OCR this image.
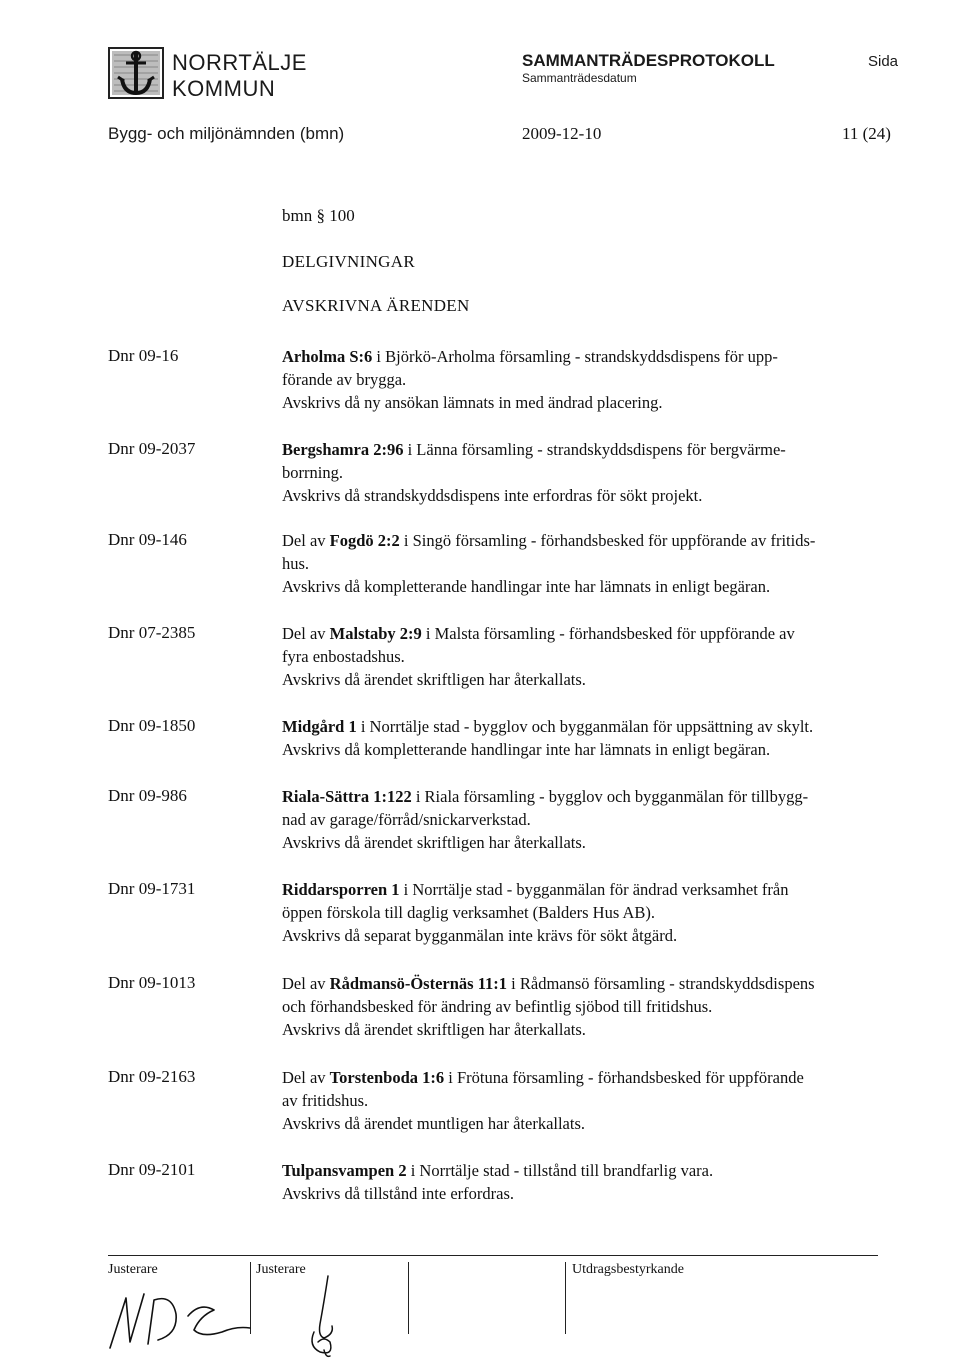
NORRTÄLJE
KOMMUN
SAMMANTRÄDESPROTOKOLL
Sammanträdesdatum
Sida
Bygg- och miljönämnden (bmn)	2009-12-10	11 (24)
bmn § 100
DELGIVNINGAR
AVSKRIVNA ÄRENDEN
Dnr 09-16	Arholma S:6 i Björkö-Arholma församling - strandskyddsdispens för upp-

förande av brygga.

Avskrivs då ny ansökan lämnats in med ändrad placering.

Dnr 09-2037	Bergshamra 2:96 i Länna församling - strandskyddsdispens för bergvärme-

borrning.

Avskrivs då strandskyddsdispens inte erfordras för sökt projekt.

Dnr 09-146	Del av Fogdö 2:2 i Singö församling - förhandsbesked för uppförande av fritids-

hus.

Avskrivs då kompletterande handlingar inte har lämnats in enligt begäran.

Dnr 07-2385	Del av Malstaby 2:9 i Malsta församling - förhandsbesked för uppförande av

fyra enbostadshus.

Avskrivs då ärendet skriftligen har återkallats.

Dnr 09-1850	Midgård 1 i Norrtälje stad - bygglov och bygganmälan för uppsättning av skylt.

Avskrivs då kompletterande handlingar inte har lämnats in enligt begäran.

Dnr 09-986	Riala-Sättra 1:122 i Riala församling - bygglov och bygganmälan för tillbygg-

nad av garage/förråd/snickarverkstad.

Avskrivs då ärendet skriftligen har återkallats.

Dnr 09-1731	Riddarsporren 1 i Norrtälje stad - bygganmälan för ändrad verksamhet från

öppen förskola till daglig verksamhet (Balders Hus AB).

Avskrivs då separat bygganmälan inte krävs för sökt åtgärd.

Dnr 09-1013	Del av Rådmansö-Östernäs 11:1 i Rådmansö församling - strandskyddsdispens

och förhandsbesked för ändring av befintlig sjöbod till fritidshus.

Avskrivs då ärendet skriftligen har återkallats.

Dnr 09-2163	Del av Torstenboda 1:6 i Frötuna församling - förhandsbesked för uppförande

av fritidshus.

Avskrivs då ärendet muntligen har återkallats.

Dnr 09-2101	Tulpansvampen 2 i Norrtälje stad - tillstånd till brandfarlig vara.

Avskrivs då tillstånd inte erfordras.

Justerare	Justerare	Utdragsbestyrkande
